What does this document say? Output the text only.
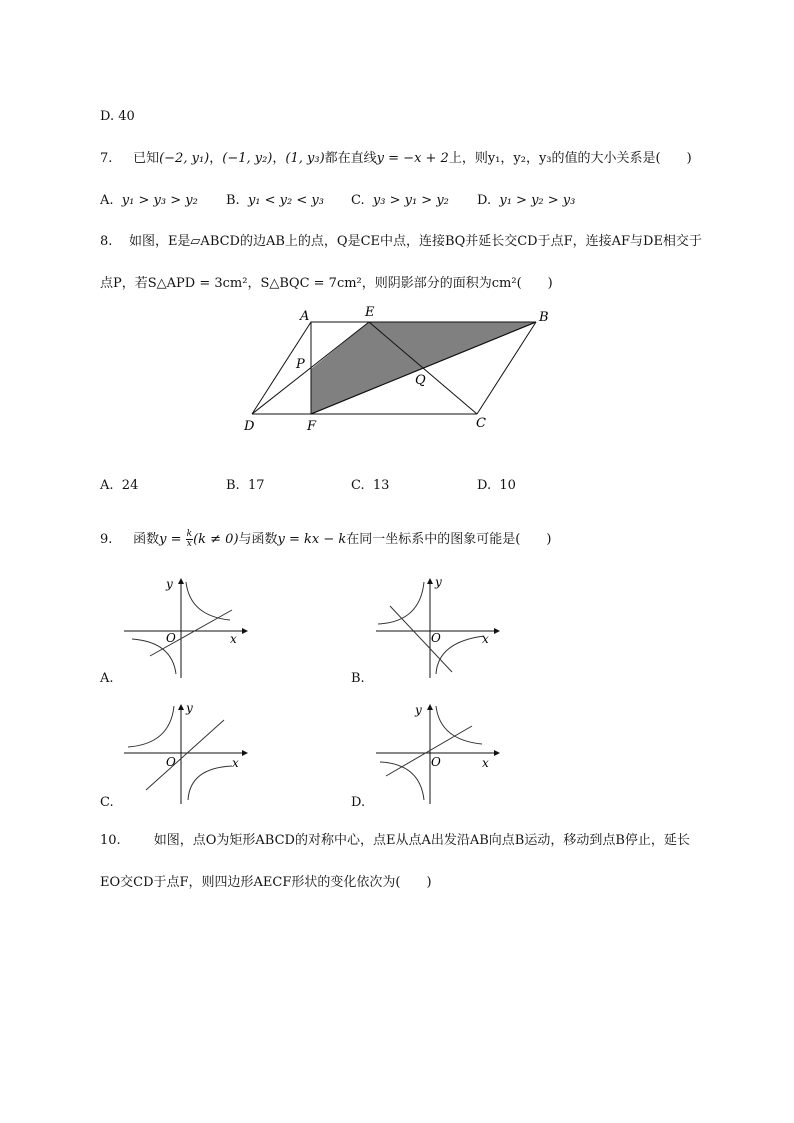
D. 40
7. 已知(−2, y₁)，(−1, y₂)，(1, y₃)都在直线y = −x + 2上，则y₁，y₂，y₃的值的大小关系是(　　)
A. y₁ > y₃ > y₂ B. y₁ < y₂ < y₃ C. y₃ > y₁ > y₂ D. y₁ > y₂ > y₃
8. 如图，E是▱ABCD的边AB上的点，Q是CE中点，连接BQ并延长交CD于点F，连接AF与DE相交于
点P，若S△APD = 3cm²，S△BQC = 7cm²，则阴影部分的面积为cm²(　　)
A	E	B
P
Q
D	F	C
A. 24	B. 17	C. 13	D. 10
9. 函数$y = \frac{k}{x} (k \ne 0)$与函数y = kx − k在同一坐标系中的图象可能是(　　)
y
x
O
A.
y
x
O
B.
y
x
O
C.
y
x
O
D.
10.	如图，点O为矩形ABCD的对称中心，点E从点A出发沿AB向点B运动，移动到点B停止，延长
EO交CD于点F，则四边形AECF形状的变化依次为(　　)
